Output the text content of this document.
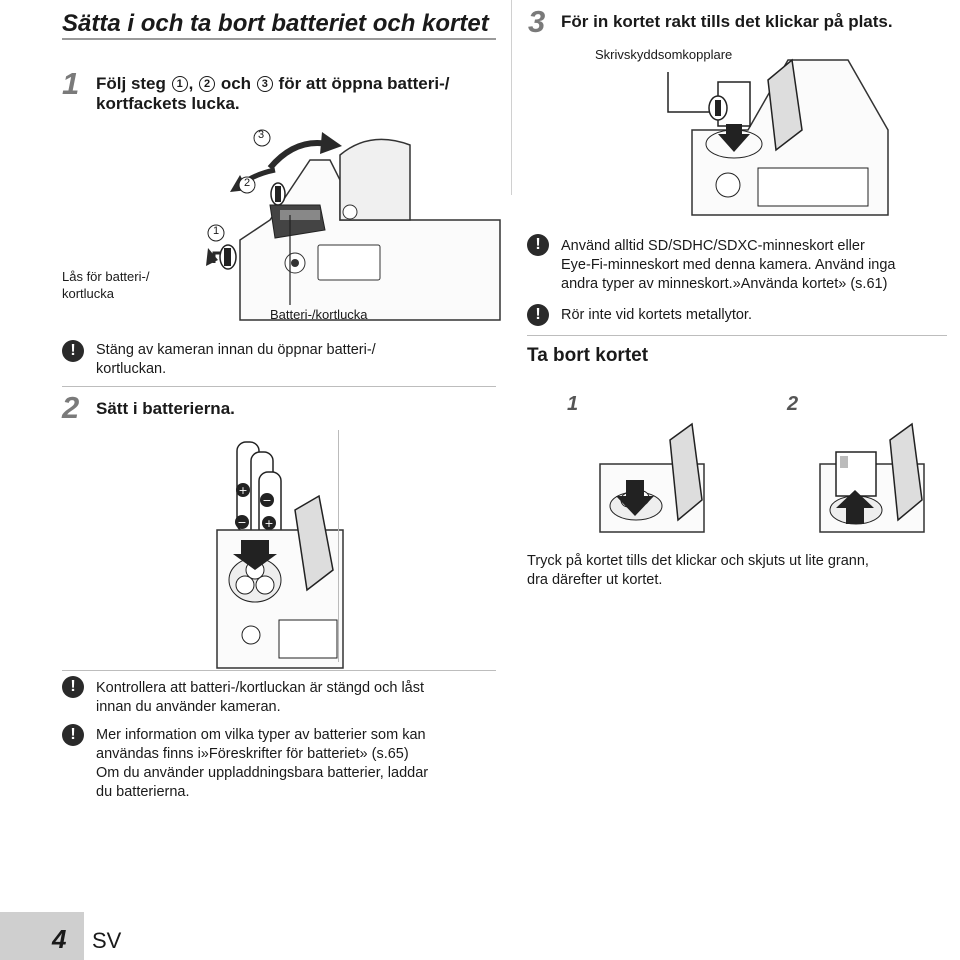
Sätta i och ta bort batteriet och kortet
1 Följ steg 1 , 2 och 3 för att öppna batteri-/
kortfackets lucka.
3
2
1
Lås för batteri-/
kortlucka
Batteri-/kortlucka
!	Stäng av kameran innan du öppnar batteri-/
kortluckan.
2 Sätt i batterierna.
+
−
− +
!	Kontrollera att batteri-/kortluckan är stängd och låst
innan du använder kameran.
!	Mer information om vilka typer av batterier som kan
användas finns i»Föreskrifter för batteriet» (s.65)
Om du använder uppladdningsbara batterier, laddar
du batterierna.
3 För in kortet rakt tills det klickar på plats.
Skrivskyddsomkopplare
!	Använd alltid SD/SDHC/SDXC-minneskort eller
Eye-Fi-minneskort med denna kamera. Använd inga
andra typer av minneskort.»Använda kortet» (s.61)
!	Rör inte vid kortets metallytor.
Ta bort kortet
1	2
Tryck på kortet tills det klickar och skjuts ut lite grann,
dra därefter ut kortet.
4 SV
